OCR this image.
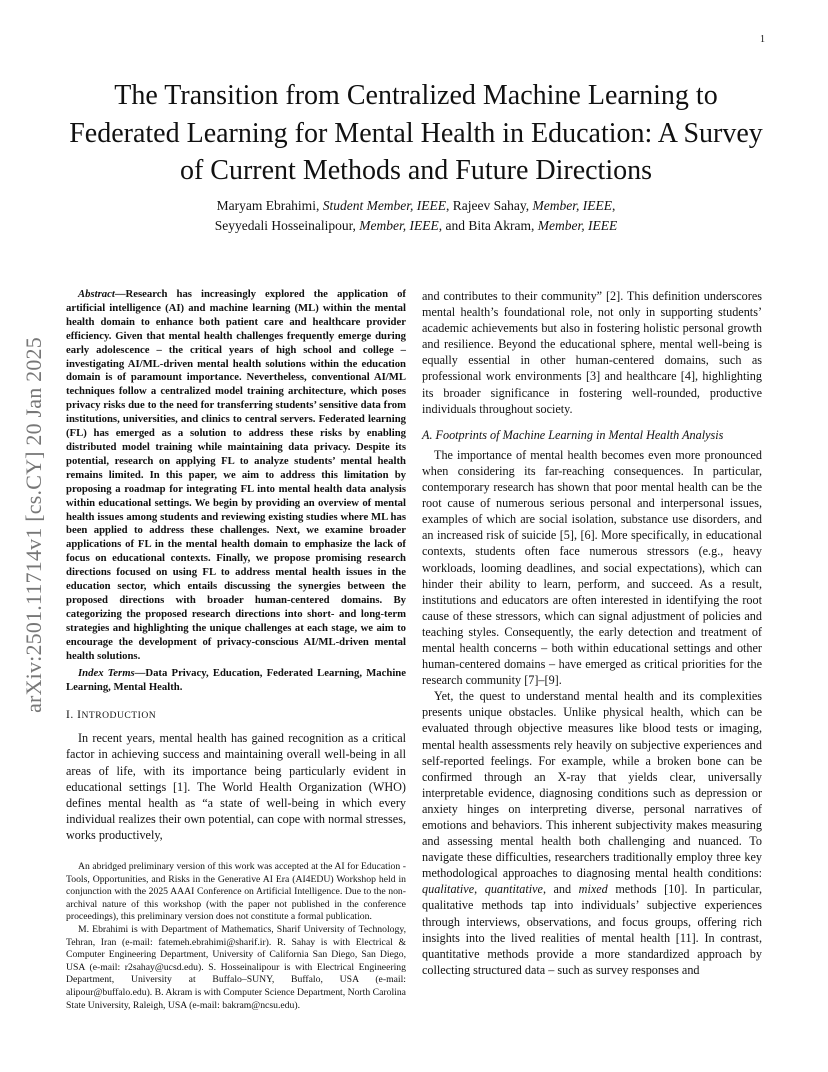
1
arXiv:2501.11714v1 [cs.CY] 20 Jan 2025
The Transition from Centralized Machine Learning to Federated Learning for Mental Health in Education: A Survey of Current Methods and Future Directions
Maryam Ebrahimi, Student Member, IEEE, Rajeev Sahay, Member, IEEE,
Seyyedali Hosseinalipour, Member, IEEE, and Bita Akram, Member, IEEE

Abstract—Research has increasingly explored the application of artificial intelligence (AI) and machine learning (ML) within the mental health domain to enhance both patient care and healthcare provider efficiency. Given that mental health challenges frequently emerge during early adolescence – the critical years of high school and college – investigating AI/ML-driven mental health solutions within the education domain is of paramount importance. Nevertheless, conventional AI/ML techniques follow a centralized model training architecture, which poses privacy risks due to the need for transferring students’ sensitive data from institutions, universities, and clinics to central servers. Federated learning (FL) has emerged as a solution to address these risks by enabling distributed model training while maintaining data privacy. Despite its potential, research on applying FL to analyze students’ mental health remains limited. In this paper, we aim to address this limitation by proposing a roadmap for integrating FL into mental health data analysis within educational settings. We begin by providing an overview of mental health issues among students and reviewing existing studies where ML has been applied to address these challenges. Next, we examine broader applications of FL in the mental health domain to emphasize the lack of focus on educational contexts. Finally, we propose promising research directions focused on using FL to address mental health issues in the education sector, which entails discussing the synergies between the proposed directions with broader human-centered domains. By categorizing the proposed research directions into short- and long-term strategies and highlighting the unique challenges at each stage, we aim to encourage the development of privacy-conscious AI/ML-driven mental health solutions.

Index Terms—Data Privacy, Education, Federated Learning, Machine Learning, Mental Health.

I. INTRODUCTION

In recent years, mental health has gained recognition as a critical factor in achieving success and maintaining overall well-being in all areas of life, with its importance being particularly evident in educational settings [1]. The World Health Organization (WHO) defines mental health as “a state of well-being in which every individual realizes their own potential, can cope with normal stresses, works productively,

An abridged preliminary version of this work was accepted at the AI for Education - Tools, Opportunities, and Risks in the Generative AI Era (AI4EDU) Workshop held in conjunction with the 2025 AAAI Conference on Artificial Intelligence. Due to the non-archival nature of this workshop (with the paper not published in the conference proceedings), this preliminary version does not constitute a formal publication.

M. Ebrahimi is with Department of Mathematics, Sharif University of Technology, Tehran, Iran (e-mail: fatemeh.ebrahimi@sharif.ir). R. Sahay is with Electrical & Computer Engineering Department, University of California San Diego, San Diego, USA (e-mail: r2sahay@ucsd.edu). S. Hosseinalipour is with Electrical Engineering Department, University at Buffalo–SUNY, Buffalo, USA (e-mail: alipour@buffalo.edu). B. Akram is with Computer Science Department, North Carolina State University, Raleigh, USA (e-mail: bakram@ncsu.edu).

and contributes to their community” [2]. This definition underscores mental health’s foundational role, not only in supporting students’ academic achievements but also in fostering holistic personal growth and resilience. Beyond the educational sphere, mental well-being is equally essential in other human-centered domains, such as professional work environments [3] and healthcare [4], highlighting its broader significance in fostering well-rounded, productive individuals throughout society.

A. Footprints of Machine Learning in Mental Health Analysis

The importance of mental health becomes even more pronounced when considering its far-reaching consequences. In particular, contemporary research has shown that poor mental health can be the root cause of numerous serious personal and interpersonal issues, examples of which are social isolation, substance use disorders, and an increased risk of suicide [5], [6]. More specifically, in educational contexts, students often face numerous stressors (e.g., heavy workloads, looming deadlines, and social expectations), which can hinder their ability to learn, perform, and succeed. As a result, institutions and educators are often interested in identifying the root cause of these stressors, which can signal adjustment of policies and teaching styles. Consequently, the early detection and treatment of mental health concerns – both within educational settings and other human-centered domains – have emerged as critical priorities for the research community [7]–[9].

Yet, the quest to understand mental health and its complexities presents unique obstacles. Unlike physical health, which can be evaluated through objective measures like blood tests or imaging, mental health assessments rely heavily on subjective experiences and self-reported feelings. For example, while a broken bone can be confirmed through an X-ray that yields clear, universally interpretable evidence, diagnosing conditions such as depression or anxiety hinges on interpreting diverse, personal narratives of emotions and behaviors. This inherent subjectivity makes measuring and assessing mental health both challenging and nuanced. To navigate these difficulties, researchers traditionally employ three key methodological approaches to diagnosing mental health conditions: qualitative, quantitative, and mixed methods [10]. In particular, qualitative methods tap into individuals’ subjective experiences through interviews, observations, and focus groups, offering rich insights into the lived realities of mental health [11]. In contrast, quantitative methods provide a more standardized approach by collecting structured data – such as survey responses and
